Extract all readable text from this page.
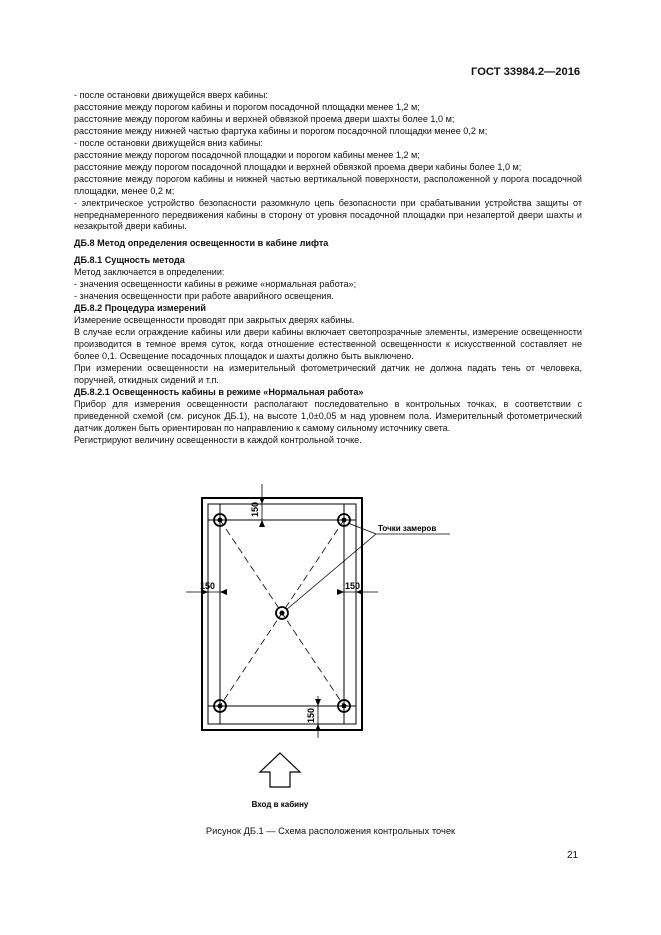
ГОСТ 33984.2—2016

- после остановки движущейся вверх кабины:

расстояние между порогом кабины и порогом посадочной площадки менее 1,2 м;

расстояние между порогом кабины и верхней обвязкой проема двери шахты более 1,0 м;

расстояние между нижней частью фартука кабины и порогом посадочной площадки менее 0,2 м;

- после остановки движущейся вниз кабины:

расстояние между порогом посадочной площадки и порогом кабины менее 1,2 м;

расстояние между порогом посадочной площадки и верхней обвязкой проема двери кабины более 1,0 м;

расстояние между порогом кабины и нижней частью вертикальной поверхности, расположенной у порога посадочной площадки, менее 0,2 м;

- электрическое устройство безопасности разомкнуло цепь безопасности при срабатывании устройства защиты от непреднамеренного передвижения кабины в сторону от уровня посадочной площадки при незапертой двери шахты и незакрытой двери кабины.

ДБ.8 Метод определения освещенности в кабине лифта

ДБ.8.1 Сущность метода

Метод заключается в определении:

- значения освещенности кабины в режиме «нормальная работа»;

- значения освещенности при работе аварийного освещения.

ДБ.8.2 Процедура измерений

Измерение освещенности проводят при закрытых дверях кабины.

В случае если ограждение кабины или двери кабины включает светопрозрачные элементы, измерение освещенности производится в темное время суток, когда отношение естественной освещенности к искусственной составляет не более 0,1. Освещение посадочных площадок и шахты должно быть выключено.

При измерении освещенности на измерительный фотометрический датчик не должна падать тень от человека, поручней, откидных сидений и т.п.

ДБ.8.2.1 Освещенность кабины в режиме «Нормальная работа»

Прибор для измерения освещенности располагают последовательно в контрольных точках, в соответствии с приведенной схемой (см. рисунок ДБ.1), на высоте 1,0±0,05 м над уровнем пола. Измерительный фотометрический датчик должен быть ориентирован по направлению к самому сильному источнику света.

Регистрируют величину освещенности в каждой контрольной точке.

150
150	150
150
Точки замеров
Вход в кабину
Рисунок ДБ.1 — Схема расположения контрольных точек
21
